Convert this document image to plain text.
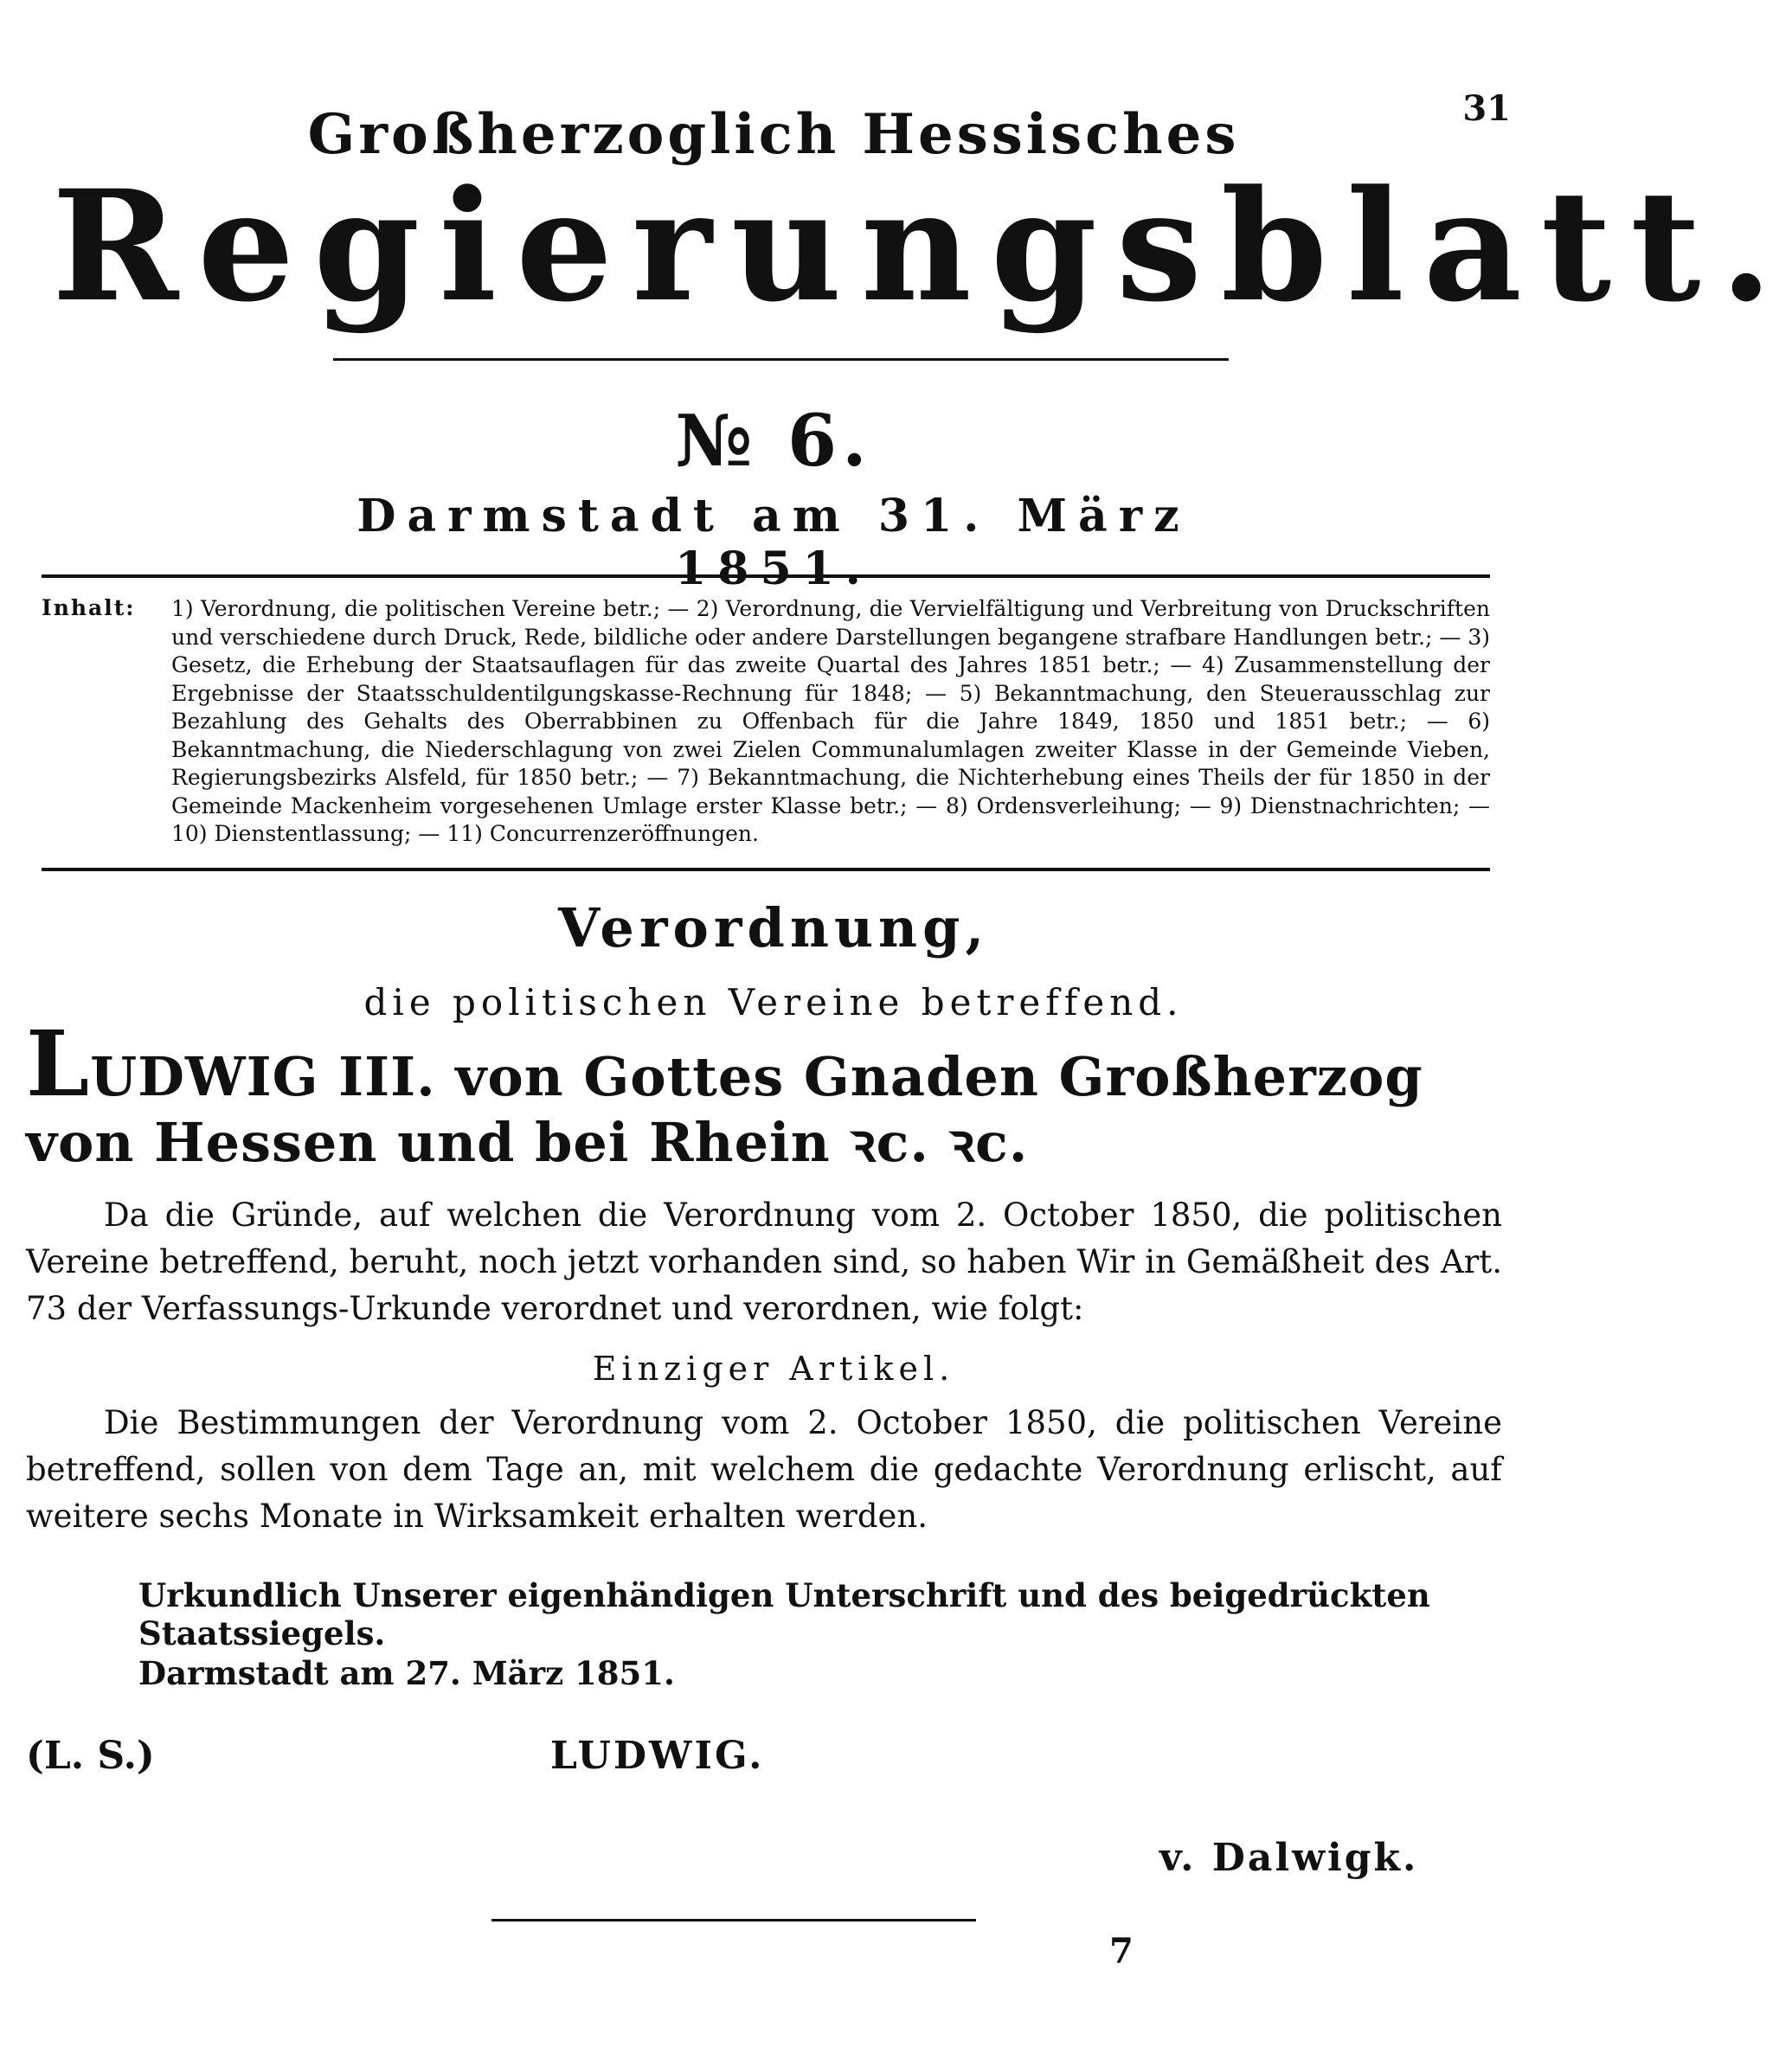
31
Großherzoglich Hessisches
Regierungsblatt.
№ 6.
Darmstadt am 31. März 1851.
Inhalt: 1) Verordnung, die politischen Vereine betr.; — 2) Verordnung, die Vervielfältigung und Verbreitung von Druckschriften und verschiedene durch Druck, Rede, bildliche oder andere Darstellungen begangene strafbare Handlungen betr.; — 3) Gesetz, die Erhebung der Staatsauflagen für das zweite Quartal des Jahres 1851 betr.; — 4) Zusammenstellung der Ergebnisse der Staatsschuldentilgungskasse-Rechnung für 1848; — 5) Bekanntmachung, den Steuerausschlag zur Bezahlung des Gehalts des Oberrabbinen zu Offenbach für die Jahre 1849, 1850 und 1851 betr.; — 6) Bekanntmachung, die Niederschlagung von zwei Zielen Communalumlagen zweiter Klasse in der Gemeinde Vieben, Regierungsbezirks Alsfeld, für 1850 betr.; — 7) Bekanntmachung, die Nichterhebung eines Theils der für 1850 in der Gemeinde Mackenheim vorgesehenen Umlage erster Klasse betr.; — 8) Ordensverleihung; — 9) Dienstnachrichten; — 10) Dienstentlassung; — 11) Concurrenzeröffnungen.
Verordnung,
die politischen Vereine betreffend.
LUDWIG III. von Gottes Gnaden Großherzog von Hessen und bei Rhein ꝛc. ꝛc.
Da die Gründe, auf welchen die Verordnung vom 2. October 1850, die politischen Vereine betreffend, beruht, noch jetzt vorhanden sind, so haben Wir in Gemäßheit des Art. 73 der Verfassungs-Urkunde verordnet und verordnen, wie folgt:
Einziger Artikel.
Die Bestimmungen der Verordnung vom 2. October 1850, die politischen Vereine betreffend, sollen von dem Tage an, mit welchem die gedachte Verordnung erlischt, auf weitere sechs Monate in Wirksamkeit erhalten werden.
Urkundlich Unserer eigenhändigen Unterschrift und des beigedrückten Staatssiegels.
Darmstadt am 27. März 1851.
(L. S.)	LUDWIG.
v. Dalwigk.
7
